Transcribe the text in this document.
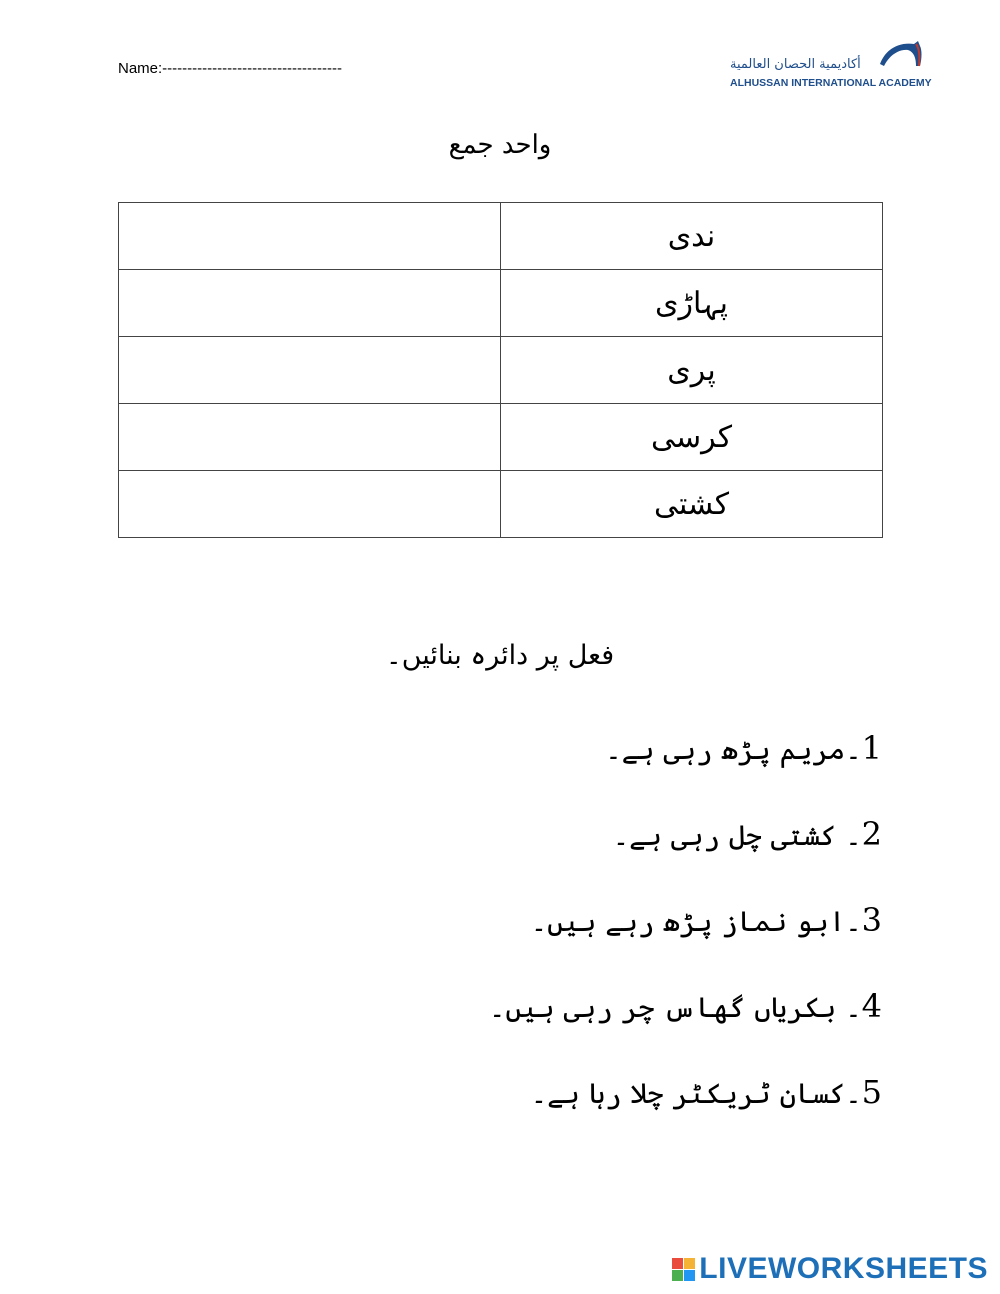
Name:------------------------------------	أكاديمية الحصان العالمية
ALHUSSAN INTERNATIONAL ACADEMY
واحد جمع
	ندی
	پہاڑی
	پری
	کرسی
	کشتی
فعل پر دائرہ بنائیں۔
1۔مریم پڑھ رہی ہے۔
2۔ کشتی چل رہی ہے۔
3۔ابو نماز پڑھ رہے ہیں۔
4۔ بکریاں گھاس چر رہی ہیں۔
5۔کسان ٹریکٹر چلا رہا ہے۔
LIVEWORKSHEETS
